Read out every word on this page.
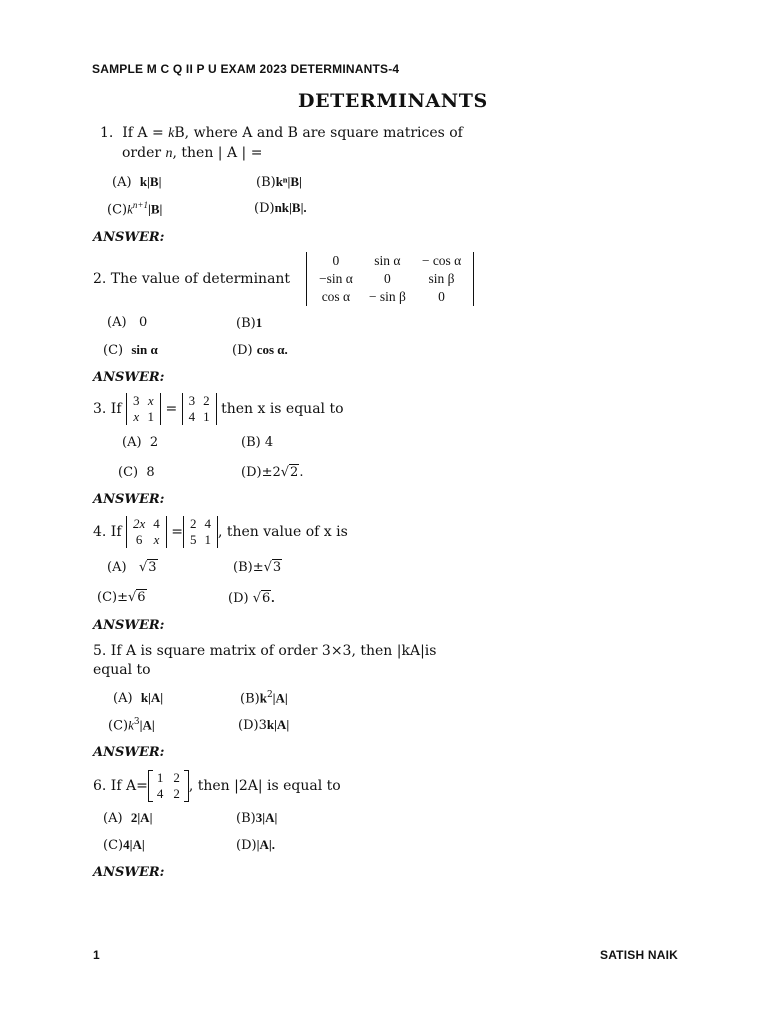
SAMPLE M C Q II P U EXAM 2023 DETERMINANTS-4
DETERMINANTS
1. If A = kB, where A and B are square matrices of
order n, then | A | =
(A) k|B|	(B)kⁿ|B|
$(C)k^{n+1}|B|$	(D)nk|B|.
ANSWER:
2. The value of determinant
0	sin α	− cos α
−sin α	0	sin β
cos α	− sin β	0
(A) 0	(B)1
(C) sin α	(D) cos α.
ANSWER:
3. If
3	x
x	1 =
3	2
4	1 then x is equal to
(A) 2	(B) 4
(C) 8	(D)±2√2.
ANSWER:
4. If
2x	4
6	x =
2	4
5	1 , then value of x is
(A)   √3	(B)±√3
(C)±√6	(D) √6.
ANSWER:
5. If A is square matrix of order 3×3, then |kA|is
equal to
(A) k|A|	$(B)k^2|A|$
$(C)k^3|A|$	(D)3k|A|
ANSWER:
6. If A=
1	2
4	2 , then |2A| is equal to
(A) 2|A|	(B)3|A|
(C)4|A|	(D)|A|.
ANSWER:
1	SATISH NAIK
